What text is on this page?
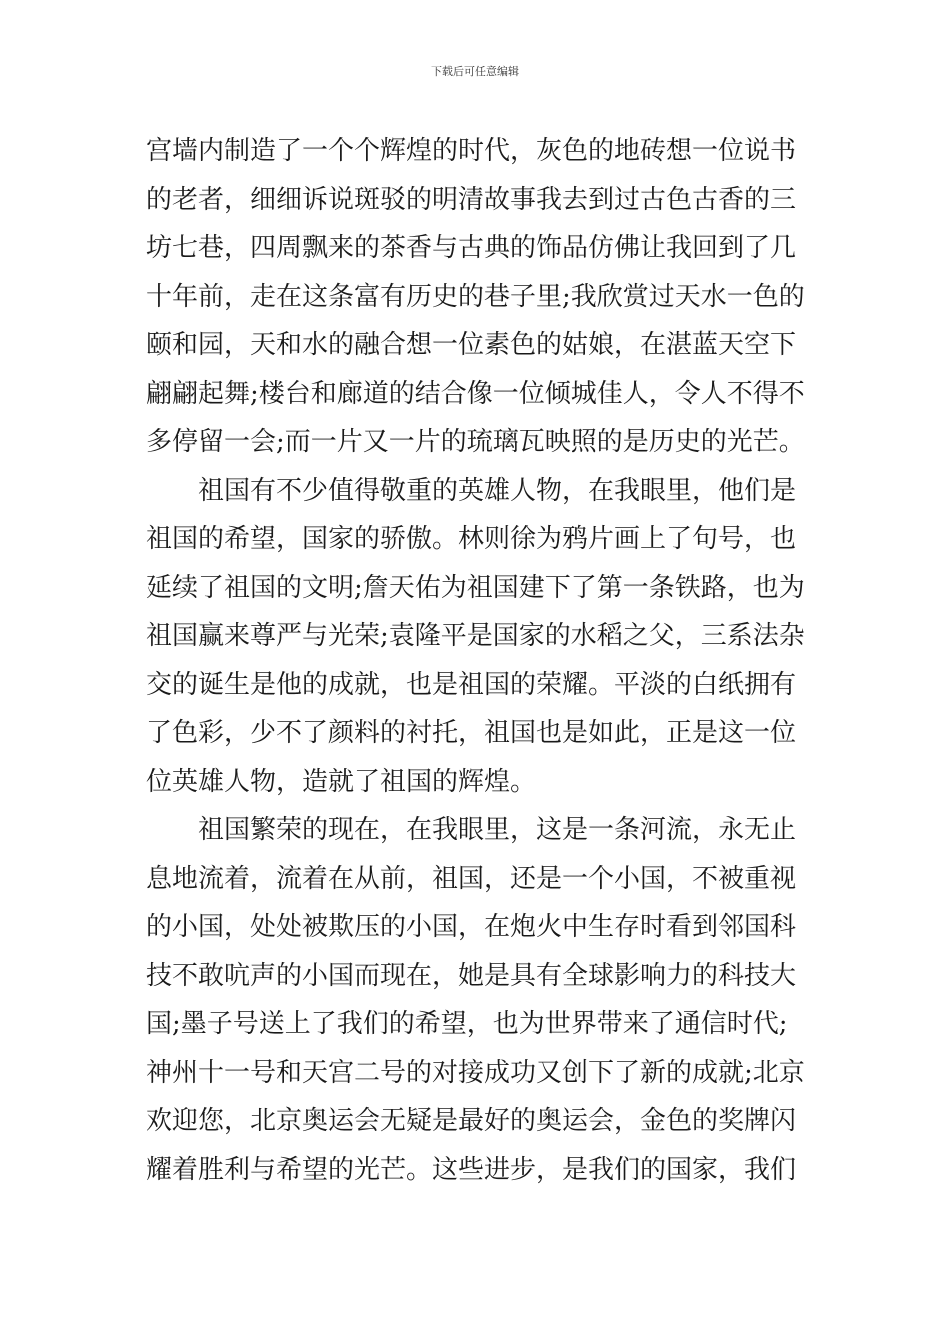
下载后可任意编辑
宫墙内制造了一个个辉煌的时代，灰色的地砖想一位说书
的老者，细细诉说斑驳的明清故事我去到过古色古香的三
坊七巷，四周飘来的茶香与古典的饰品仿佛让我回到了几
十年前，走在这条富有历史的巷子里;我欣赏过天水一色的
颐和园，天和水的融合想一位素色的姑娘，在湛蓝天空下
翩翩起舞;楼台和廊道的结合像一位倾城佳人，令人不得不
多停留一会;而一片又一片的琉璃瓦映照的是历史的光芒。
祖国有不少值得敬重的英雄人物，在我眼里，他们是
祖国的希望，国家的骄傲。林则徐为鸦片画上了句号，也
延续了祖国的文明;詹天佑为祖国建下了第一条铁路，也为
祖国赢来尊严与光荣;袁隆平是国家的水稻之父，三系法杂
交的诞生是他的成就，也是祖国的荣耀。平淡的白纸拥有
了色彩，少不了颜料的衬托，祖国也是如此，正是这一位
位英雄人物，造就了祖国的辉煌。
祖国繁荣的现在，在我眼里，这是一条河流，永无止
息地流着，流着在从前，祖国，还是一个小国，不被重视
的小国，处处被欺压的小国，在炮火中生存时看到邻国科
技不敢吭声的小国而现在，她是具有全球影响力的科技大
国;墨子号送上了我们的希望，也为世界带来了通信时代;
神州十一号和天宫二号的对接成功又创下了新的成就;北京
欢迎您，北京奥运会无疑是最好的奥运会，金色的奖牌闪
耀着胜利与希望的光芒。这些进步，是我们的国家，我们
